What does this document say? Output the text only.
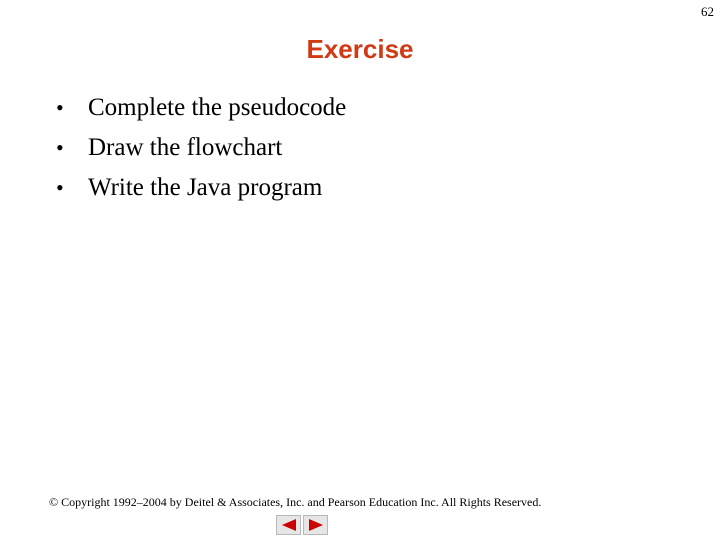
62
Exercise
• Complete the pseudocode
• Draw the flowchart
• Write the Java program
© Copyright 1992–2004 by Deitel & Associates, Inc. and Pearson Education Inc. All Rights Reserved.
